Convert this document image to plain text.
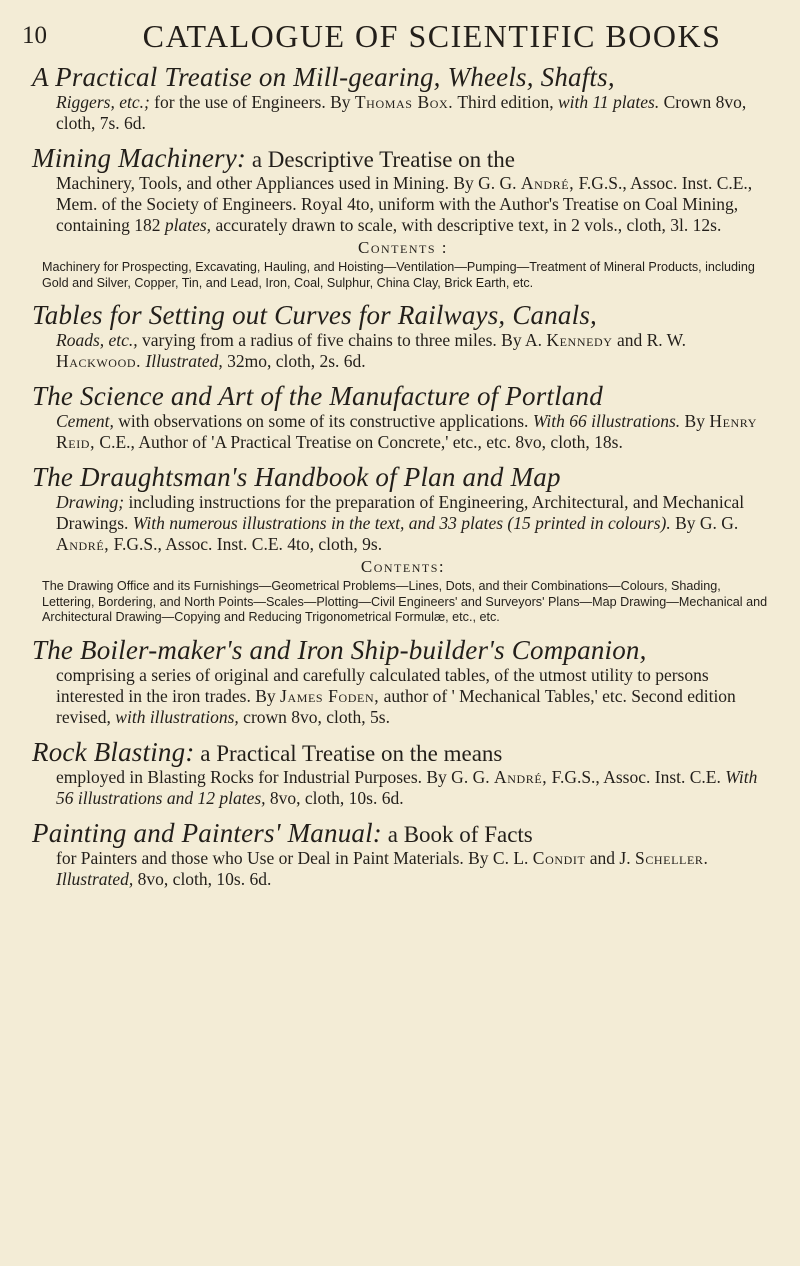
10	CATALOGUE OF SCIENTIFIC BOOKS
A Practical Treatise on Mill-gearing, Wheels, Shafts,
Riggers, etc.; for the use of Engineers. By Thomas Box. Third edition, with 11 plates. Crown 8vo, cloth, 7s. 6d.
Mining Machinery: a Descriptive Treatise on the
Machinery, Tools, and other Appliances used in Mining. By G. G. André, F.G.S., Assoc. Inst. C.E., Mem. of the Society of Engineers. Royal 4to, uniform with the Author's Treatise on Coal Mining, containing 182 plates, accurately drawn to scale, with descriptive text, in 2 vols., cloth, 3l. 12s.
Contents :
Machinery for Prospecting, Excavating, Hauling, and Hoisting—Ventilation—Pumping—Treatment of Mineral Products, including Gold and Silver, Copper, Tin, and Lead, Iron, Coal, Sulphur, China Clay, Brick Earth, etc.
Tables for Setting out Curves for Railways, Canals,
Roads, etc., varying from a radius of five chains to three miles. By A. Kennedy and R. W. Hackwood. Illustrated, 32mo, cloth, 2s. 6d.
The Science and Art of the Manufacture of Portland
Cement, with observations on some of its constructive applications. With 66 illustrations. By Henry Reid, C.E., Author of 'A Practical Treatise on Concrete,' etc., etc. 8vo, cloth, 18s.
The Draughtsman's Handbook of Plan and Map
Drawing; including instructions for the preparation of Engineering, Architectural, and Mechanical Drawings. With numerous illustrations in the text, and 33 plates (15 printed in colours). By G. G. André, F.G.S., Assoc. Inst. C.E. 4to, cloth, 9s.
Contents:
The Drawing Office and its Furnishings—Geometrical Problems—Lines, Dots, and their Combinations—Colours, Shading, Lettering, Bordering, and North Points—Scales—Plotting—Civil Engineers' and Surveyors' Plans—Map Drawing—Mechanical and Architectural Drawing—Copying and Reducing Trigonometrical Formulæ, etc., etc.
The Boiler-maker's and Iron Ship-builder's Companion,
comprising a series of original and carefully calculated tables, of the utmost utility to persons interested in the iron trades. By James Foden, author of ' Mechanical Tables,' etc. Second edition revised, with illustrations, crown 8vo, cloth, 5s.
Rock Blasting: a Practical Treatise on the means
employed in Blasting Rocks for Industrial Purposes. By G. G. André, F.G.S., Assoc. Inst. C.E. With 56 illustrations and 12 plates, 8vo, cloth, 10s. 6d.
Painting and Painters' Manual: a Book of Facts
for Painters and those who Use or Deal in Paint Materials. By C. L. Condit and J. Scheller. Illustrated, 8vo, cloth, 10s. 6d.
